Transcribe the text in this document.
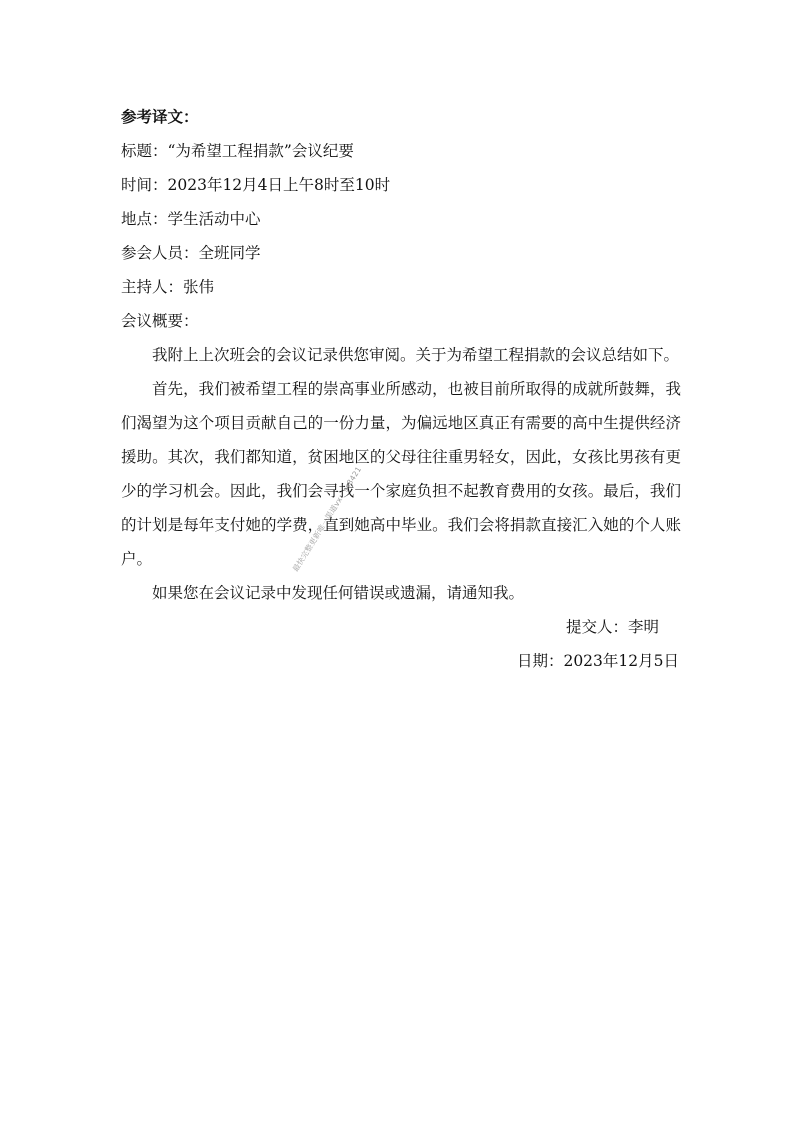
参考译文：

标题：“为希望工程捐款”会议纪要

时间：2023年12月4日上午8时至10时

地点：学生活动中心

参会人员：全班同学

主持人：张伟

会议概要：

我附上上次班会的会议记录供您审阅。关于为希望工程捐款的会议总结如下。

首先，我们被希望工程的崇高事业所感动，也被目前所取得的成就所鼓舞，我们渴望为这个项目贡献自己的一份力量，为偏远地区真正有需要的高中生提供经济援助。其次，我们都知道，贫困地区的父母往往重男轻女，因此，女孩比男孩有更少的学习机会。因此，我们会寻找一个家庭负担不起教育费用的女孩。最后，我们的计划是每年支付她的学费，直到她高中毕业。我们会将捐款直接汇入她的个人账户。

如果您在会议记录中发现任何错误或遗漏，请通知我。

提交人：李明

日期：2023年12月5日

最快完整更新唯一渠道vx：ss8421
